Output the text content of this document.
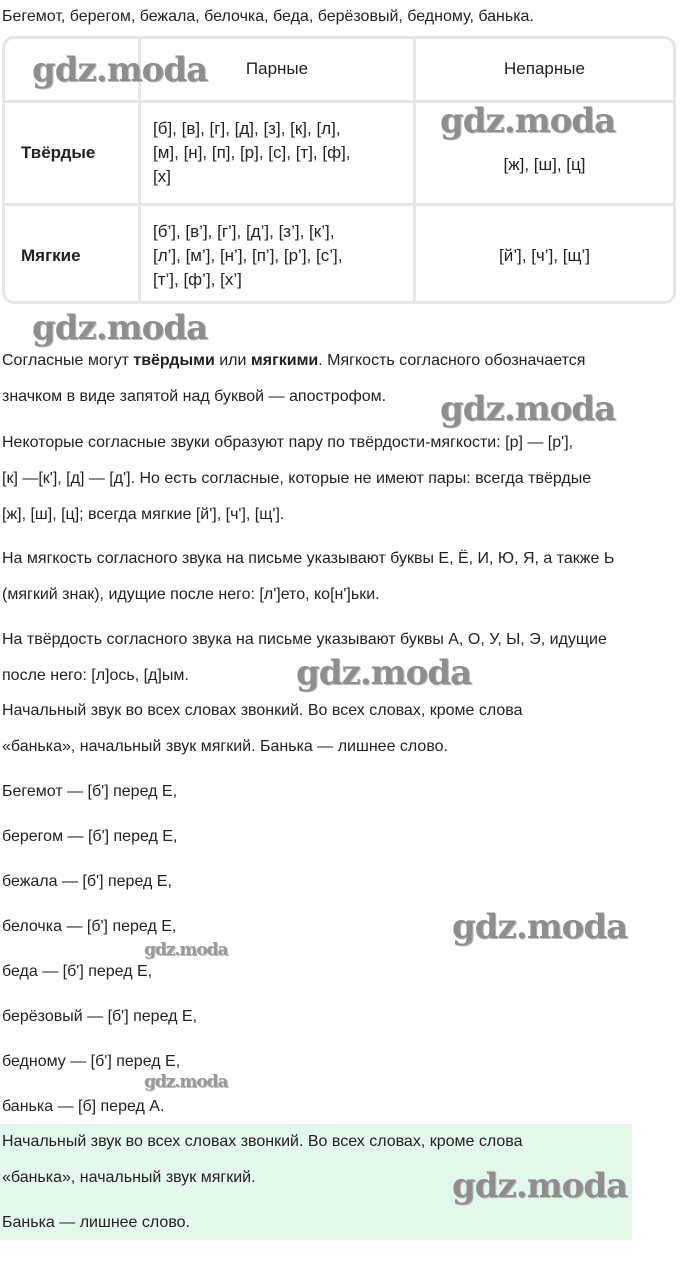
Бегемот, берегом, бежала, белочка, беда, берёзовый, бедному, банька.
	Парные	Непарные
Твёрдые	[б], [в], [г], [д], [з], [к], [л],
[м], [н], [п], [р], [с], [т], [ф],
[х]	[ж], [ш], [ц]
Мягкие	[б’], [в’], [г’], [д’], [з’], [к’],
[л’], [м’], [н’], [п’], [р’], [с’],
[т’], [ф’], [х’]	[й’], [ч’], [щ’]
Согласные могут твёрдыми или мягкими. Мягкость согласного обозначается
значком в виде запятой над буквой — апострофом.
Некоторые согласные звуки образуют пару по твёрдости-мягкости: [р] — [р'],
[к] —[к'], [д] — [д']. Но есть согласные, которые не имеют пары: всегда твёрдые
[ж], [ш], [ц]; всегда мягкие [й'], [ч'], [щ'].
На мягкость согласного звука на письме указывают буквы Е, Ё, И, Ю, Я, а также Ь
(мягкий знак), идущие после него: [л']ето, ко[н']ьки.
На твёрдость согласного звука на письме указывают буквы А, О, У, Ы, Э, идущие
после него: [л]ось, [д]ым.
Начальный звук во всех словах звонкий. Во всех словах, кроме слова
«банька», начальный звук мягкий. Банька — лишнее слово.
Бегемот — [б'] перед Е,
берегом — [б'] перед Е,
бежала — [б'] перед Е,
белочка — [б'] перед Е,
беда — [б'] перед Е,
берёзовый — [б'] перед Е,
бедному — [б'] перед Е,
банька — [б] перед А.
Начальный звук во всех словах звонкий. Во всех словах, кроме слова
«банька», начальный звук мягкий.
Банька — лишнее слово.
gdz.moda
gdz.moda
gdz.moda
gdz.moda
gdz.moda
gdz.moda
gdz.moda
gdz.moda
gdz.moda
